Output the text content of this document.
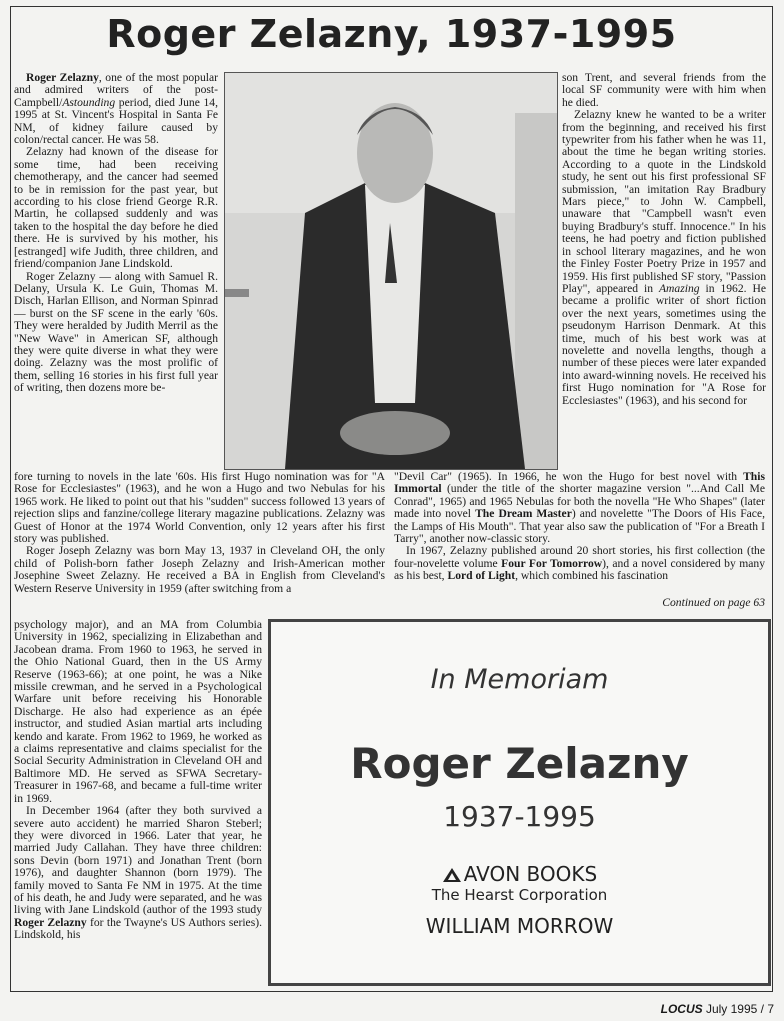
Roger Zelazny, 1937-1995

Roger Zelazny, one of the most popular and admired writers of the post-Campbell/Astounding period, died June 14, 1995 at St. Vincent's Hospital in Santa Fe NM, of kidney failure caused by colon/rectal cancer. He was 58.

Zelazny had known of the disease for some time, had been receiving chemotherapy, and the cancer had seemed to be in remission for the past year, but according to his close friend George R.R. Martin, he collapsed suddenly and was taken to the hospital the day before he died there. He is survived by his mother, his [estranged] wife Judith, three children, and friend/companion Jane Lindskold.

Roger Zelazny — along with Samuel R. Delany, Ursula K. Le Guin, Thomas M. Disch, Harlan Ellison, and Norman Spinrad — burst on the SF scene in the early '60s. They were heralded by Judith Merril as the "New Wave" in American SF, although they were quite diverse in what they were doing. Zelazny was the most prolific of them, selling 16 stories in his first full year of writing, then dozens more be-

son Trent, and several friends from the local SF community were with him when he died.

Zelazny knew he wanted to be a writer from the beginning, and received his first typewriter from his father when he was 11, about the time he began writing stories. According to a quote in the Lindskold study, he sent out his first professional SF submission, "an imitation Ray Bradbury Mars piece," to John W. Campbell, unaware that "Campbell wasn't even buying Bradbury's stuff. Innocence." In his teens, he had poetry and fiction published in school literary magazines, and he won the Finley Foster Poetry Prize in 1957 and 1959. His first published SF story, "Passion Play", appeared in Amazing in 1962. He became a prolific writer of short fiction over the next years, sometimes using the pseudonym Harrison Denmark. At this time, much of his best work was at novelette and novella lengths, though a number of these pieces were later expanded into award-winning novels. He received his first Hugo nomination for "A Rose for Ecclesiastes" (1963), and his second for

fore turning to novels in the late '60s. His first Hugo nomination was for "A Rose for Ecclesiastes" (1963), and he won a Hugo and two Nebulas for his 1965 work. He liked to point out that his "sudden" success followed 13 years of rejection slips and fanzine/college literary magazine publications. Zelazny was Guest of Honor at the 1974 World Convention, only 12 years after his first story was published.

Roger Joseph Zelazny was born May 13, 1937 in Cleveland OH, the only child of Polish-born father Joseph Zelazny and Irish-American mother Josephine Sweet Zelazny. He received a BA in English from Cleveland's Western Reserve University in 1959 (after switching from a

"Devil Car" (1965). In 1966, he won the Hugo for best novel with This Immortal (under the title of the shorter magazine version "...And Call Me Conrad", 1965) and 1965 Nebulas for both the novella "He Who Shapes" (later made into novel The Dream Master) and novelette "The Doors of His Face, the Lamps of His Mouth". That year also saw the publication of "For a Breath I Tarry", another now-classic story.

In 1967, Zelazny published around 20 short stories, his first collection (the four-novelette volume Four For Tomorrow), and a novel considered by many as his best, Lord of Light, which combined his fascination

Continued on page 63

psychology major), and an MA from Columbia University in 1962, specializing in Elizabethan and Jacobean drama. From 1960 to 1963, he served in the Ohio National Guard, then in the US Army Reserve (1963-66); at one point, he was a Nike missile crewman, and he served in a Psychological Warfare unit before receiving his Honorable Discharge. He also had experience as an épée instructor, and studied Asian martial arts including kendo and karate. From 1962 to 1969, he worked as a claims representative and claims specialist for the Social Security Administration in Cleveland OH and Baltimore MD. He served as SFWA Secretary-Treasurer in 1967-68, and became a full-time writer in 1969.

In December 1964 (after they both survived a severe auto accident) he married Sharon Steberl; they were divorced in 1966. Later that year, he married Judy Callahan. They have three children: sons Devin (born 1971) and Jonathan Trent (born 1976), and daughter Shannon (born 1979). The family moved to Santa Fe NM in 1975. At the time of his death, he and Judy were separated, and he was living with Jane Lindskold (author of the 1993 study Roger Zelazny for the Twayne's US Authors series). Lindskold, his

In Memoriam
Roger Zelazny
1937-1995
AVON BOOKS
The Hearst Corporation
WILLIAM MORROW
LOCUS July 1995 / 7
